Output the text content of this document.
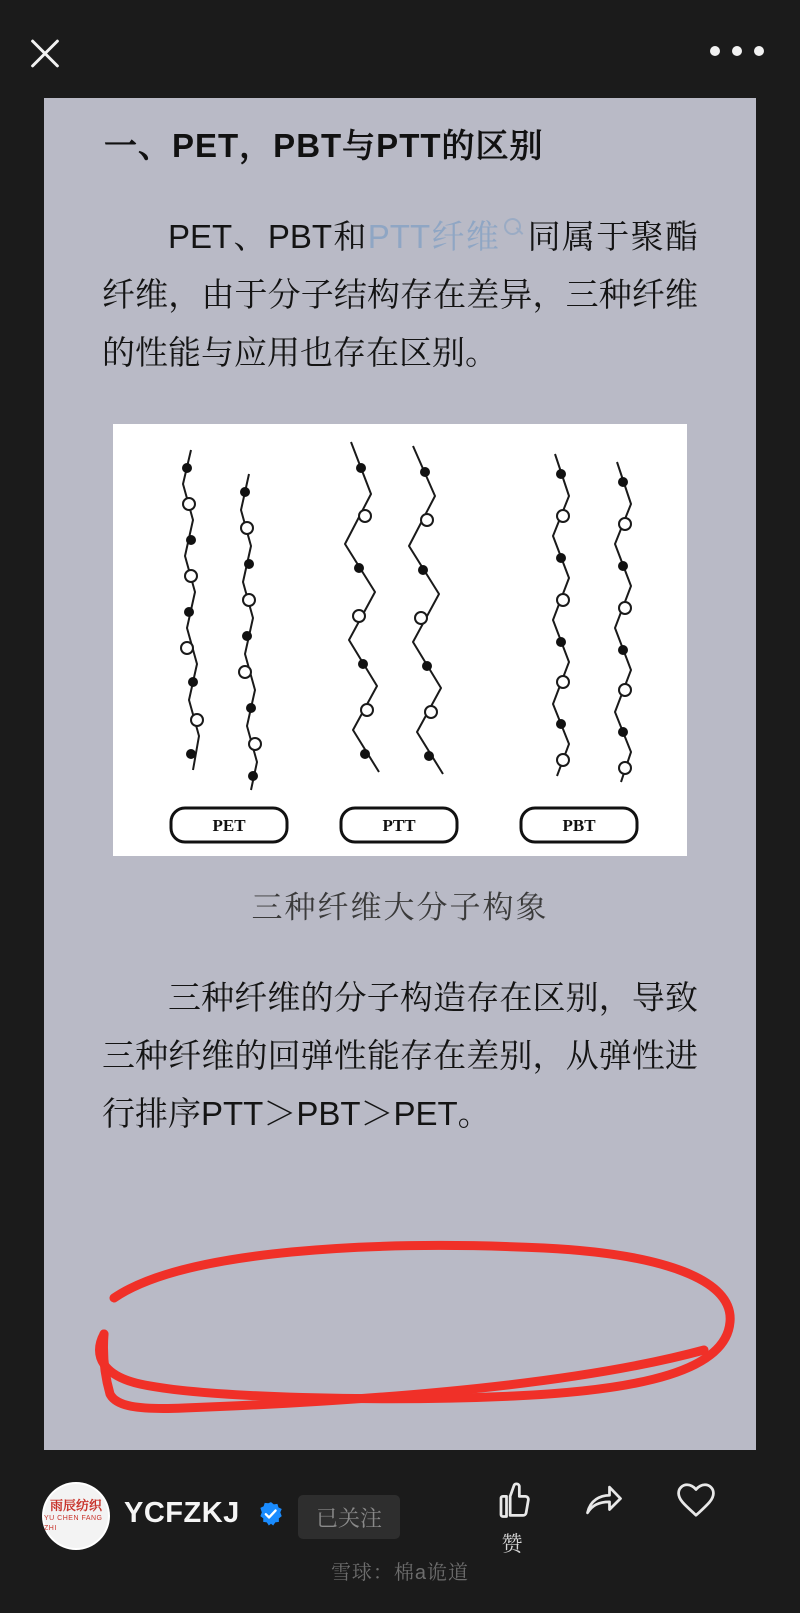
一、PET，PBT与PTT的区别
PET、PBT和PTT纤维 同属于聚酯纤维，由于分子结构存在差异，三种纤维的性能与应用也存在区别。
PET	PTT	PBT
三种纤维大分子构象
三种纤维的分子构造存在区别，导致三种纤维的回弹性能存在差别，从弹性进行排序PTT＞PBT＞PET。
雨辰纺织
YU CHEN FANG ZHI	YCFZKJ	已关注
赞
雪球：棉a诡道
